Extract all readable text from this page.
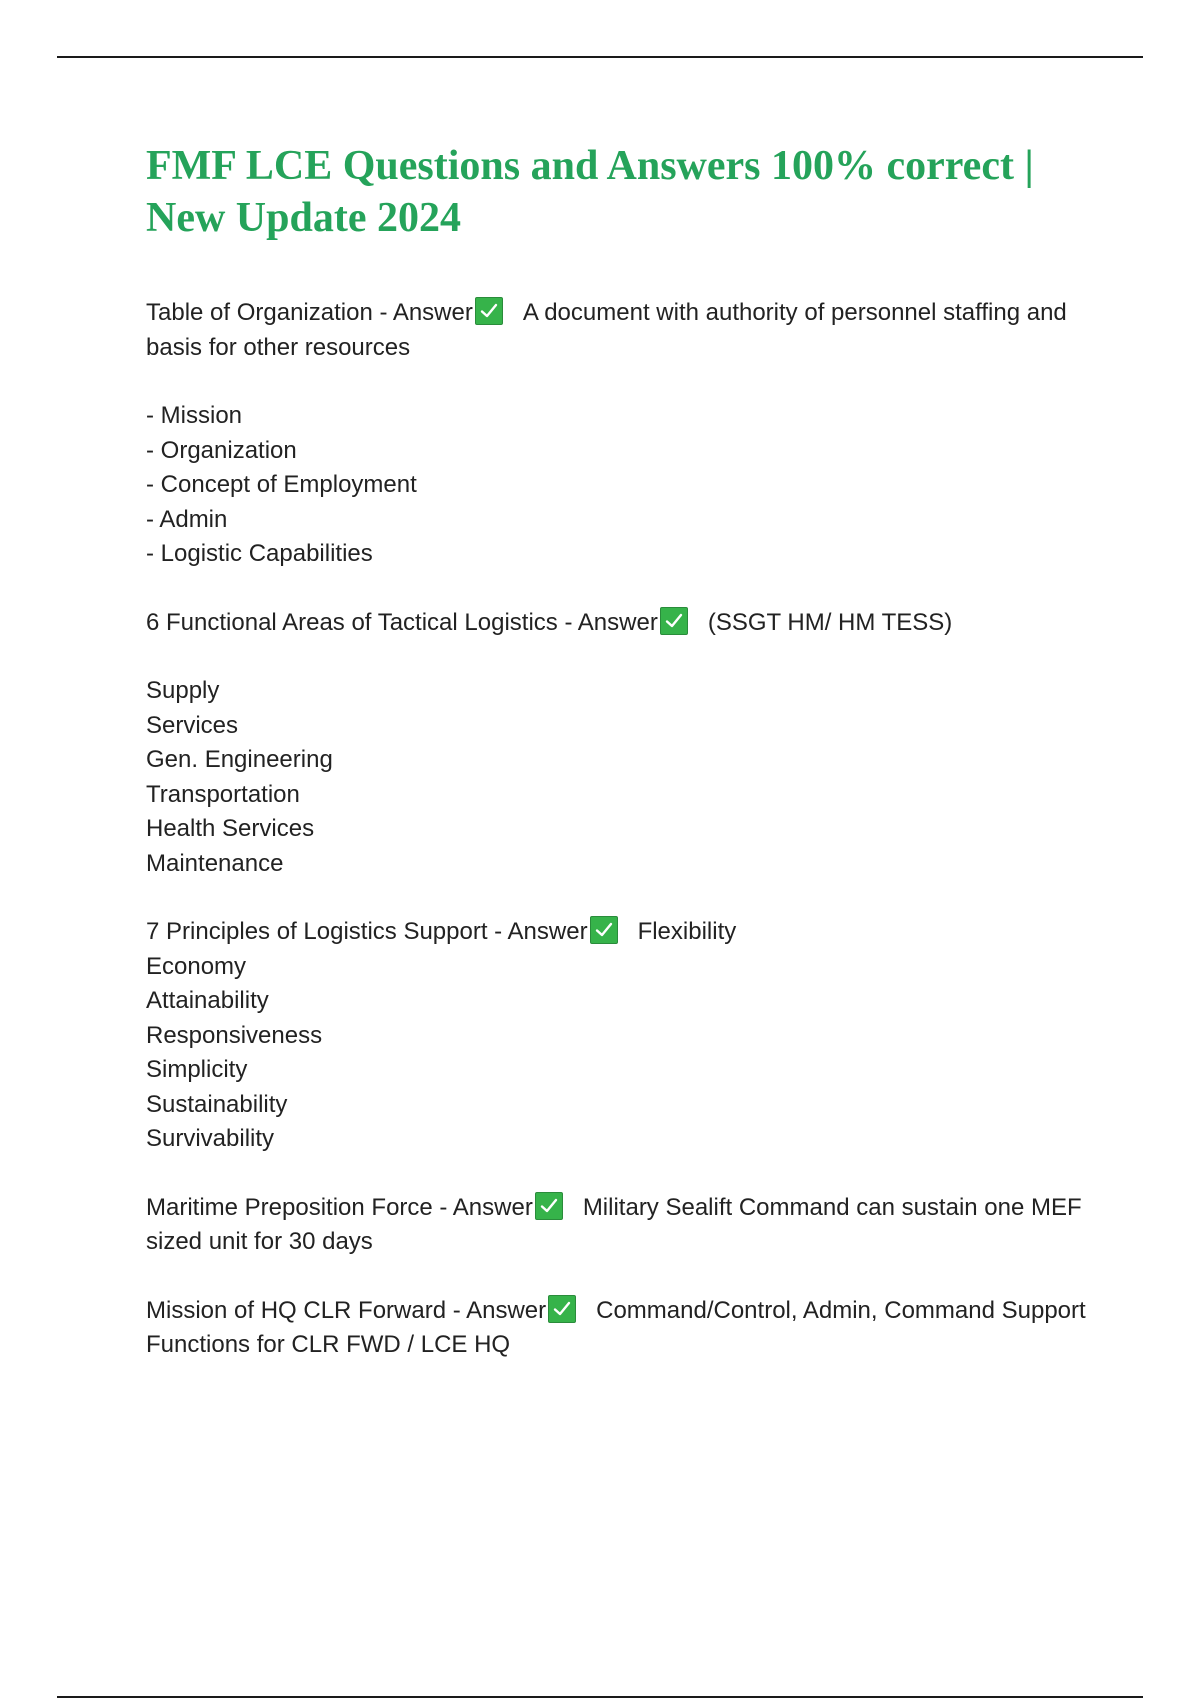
FMF LCE Questions and Answers 100% correct | New Update 2024

Table of Organization - Answer A document with authority of personnel staffing and basis for other resources

- Mission
- Organization
- Concept of Employment
- Admin
- Logistic Capabilities

6 Functional Areas of Tactical Logistics - Answer (SSGT HM/ HM TESS)

Supply
Services
Gen. Engineering
Transportation
Health Services
Maintenance

7 Principles of Logistics Support - Answer Flexibility

Economy
Attainability
Responsiveness
Simplicity
Sustainability
Survivability

Maritime Preposition Force - Answer Military Sealift Command can sustain one MEF sized unit for 30 days

Mission of HQ CLR Forward - Answer Command/Control, Admin, Command Support Functions for CLR FWD / LCE HQ
